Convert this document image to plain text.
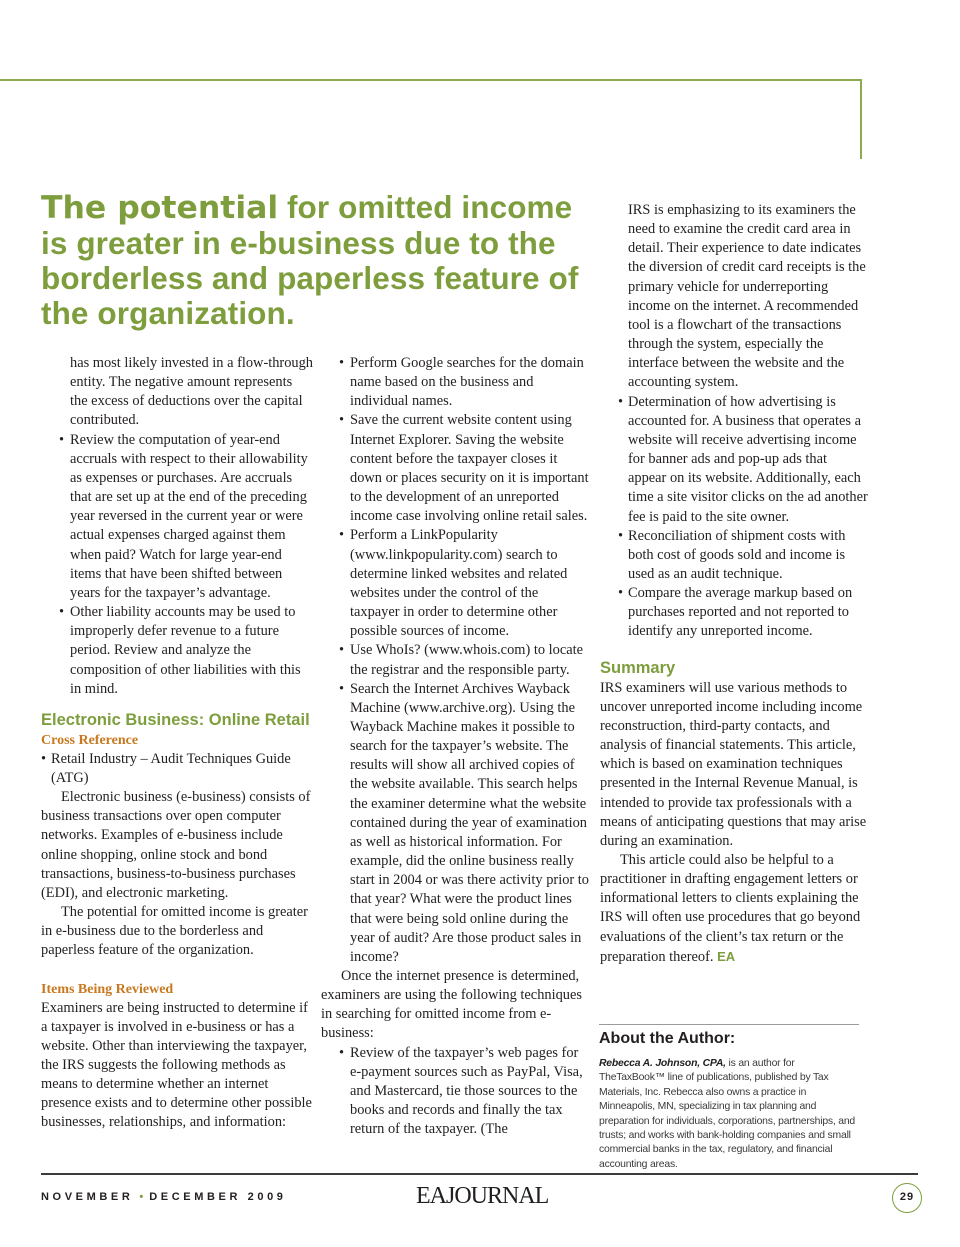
The potential for omitted income is greater in e-business due to the borderless and paperless feature of the organization.

has most likely invested in a flow-through entity. The negative amount represents the excess of deductions over the capital contributed.

• Review the computation of year-end accruals with respect to their allowability as expenses or purchases. Are accruals that are set up at the end of the preceding year reversed in the current year or were actual expenses charged against them when paid? Watch for large year-end items that have been shifted between years for the taxpayer’s advantage.
• Other liability accounts may be used to improperly defer revenue to a future period. Review and analyze the composition of other liabilities with this in mind.
Electronic Business: Online Retail
Cross Reference
• Retail Industry – Audit Techniques Guide (ATG)

Electronic business (e-business) consists of business transactions over open computer networks. Examples of e-business include online shopping, online stock and bond transactions, business-to-business purchases (EDI), and electronic marketing.

The potential for omitted income is greater in e-business due to the borderless and paperless feature of the organization.

Items Being Reviewed

Examiners are being instructed to determine if a taxpayer is involved in e-business or has a website. Other than interviewing the taxpayer, the IRS suggests the following methods as means to determine whether an internet presence exists and to determine other possible businesses, relationships, and information:

• Perform Google searches for the domain name based on the business and individual names.
• Save the current website content using Internet Explorer. Saving the website content before the taxpayer closes it down or places security on it is important to the development of an unreported income case involving online retail sales.
• Perform a LinkPopularity (www.linkpopularity.com) search to determine linked websites and related websites under the control of the taxpayer in order to determine other possible sources of income.
• Use WhoIs? (www.whois.com) to locate the registrar and the responsible party.
• Search the Internet Archives Wayback Machine (www.archive.org). Using the Wayback Machine makes it possible to search for the taxpayer’s website. The results will show all archived copies of the website available. This search helps the examiner determine what the website contained during the year of examination as well as historical information. For example, did the online business really start in 2004 or was there activity prior to that year? What were the product lines that were being sold online during the year of audit? Are those product sales in income?

Once the internet presence is determined, examiners are using the following techniques in searching for omitted income from e-business:

• Review of the taxpayer’s web pages for e-payment sources such as PayPal, Visa, and Mastercard, tie those sources to the books and records and finally the tax return of the taxpayer. (The

IRS is emphasizing to its examiners the need to examine the credit card area in detail. Their experience to date indicates the diversion of credit card receipts is the primary vehicle for underreporting income on the internet. A recommended tool is a flowchart of the transactions through the system, especially the interface between the website and the accounting system.

• Determination of how advertising is accounted for. A business that operates a website will receive advertising income for banner ads and pop-up ads that appear on its website. Additionally, each time a site visitor clicks on the ad another fee is paid to the site owner.
• Reconciliation of shipment costs with both cost of goods sold and income is used as an audit technique.
• Compare the average markup based on purchases reported and not reported to identify any unreported income.
Summary

IRS examiners will use various methods to uncover unreported income including income reconstruction, third-party contacts, and analysis of financial statements. This article, which is based on examination techniques presented in the Internal Revenue Manual, is intended to provide tax professionals with a means of anticipating questions that may arise during an examination.

This article could also be helpful to a practitioner in drafting engagement letters or informational letters to clients explaining the IRS will often use procedures that go beyond evaluations of the client’s tax return or the preparation thereof. EA

About the Author:

Rebecca A. Johnson, CPA, is an author for TheTaxBook™ line of publications, published by Tax Materials, Inc. Rebecca also owns a practice in Minneapolis, MN, specializing in tax planning and preparation for individuals, corporations, partnerships, and trusts; and works with bank-holding companies and small commercial banks in the tax, regulatory, and financial accounting areas.

NOVEMBER • DECEMBER 2009	EAJOURNAL	29
